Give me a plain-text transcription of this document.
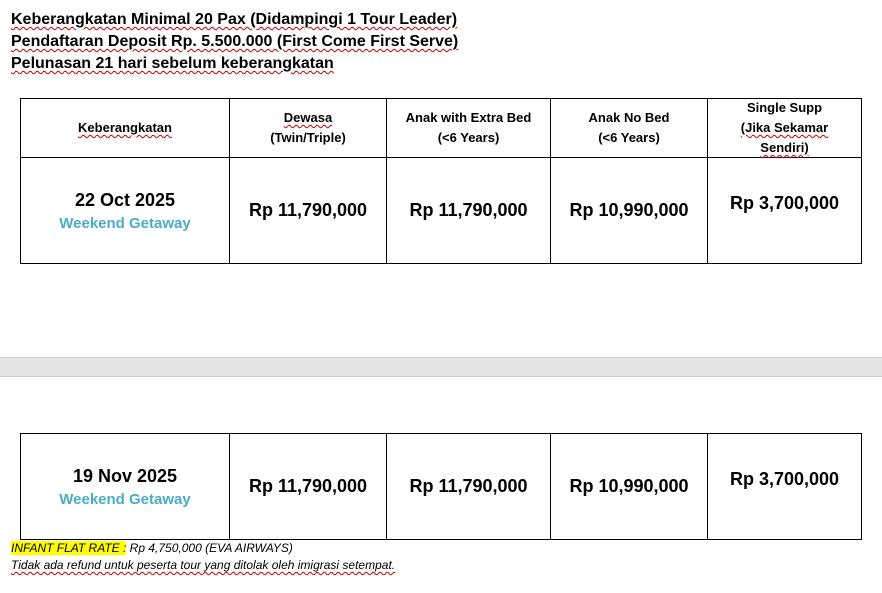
Keberangkatan Minimal 20 Pax (Didampingi 1 Tour Leader)
Pendaftaran Deposit Rp. 5.500.000 (First Come First Serve)
Pelunasan 21 hari sebelum keberangkatan
Keberangkatan
Dewasa
(Twin/Triple)
Anak with Extra Bed
(<6 Years)
Anak No Bed
(<6 Years)
Single Supp
(Jika Sekamar
Sendiri)
22 Oct 2025
Weekend Getaway
Rp 11,790,000 Rp 11,790,000 Rp 10,990,000 Rp 3,700,000
19 Nov 2025
Weekend Getaway
Rp 11,790,000 Rp 11,790,000 Rp 10,990,000 Rp 3,700,000
INFANT FLAT RATE : Rp 4,750,000 (EVA AIRWAYS)
Tidak ada refund untuk peserta tour yang ditolak oleh imigrasi setempat.
